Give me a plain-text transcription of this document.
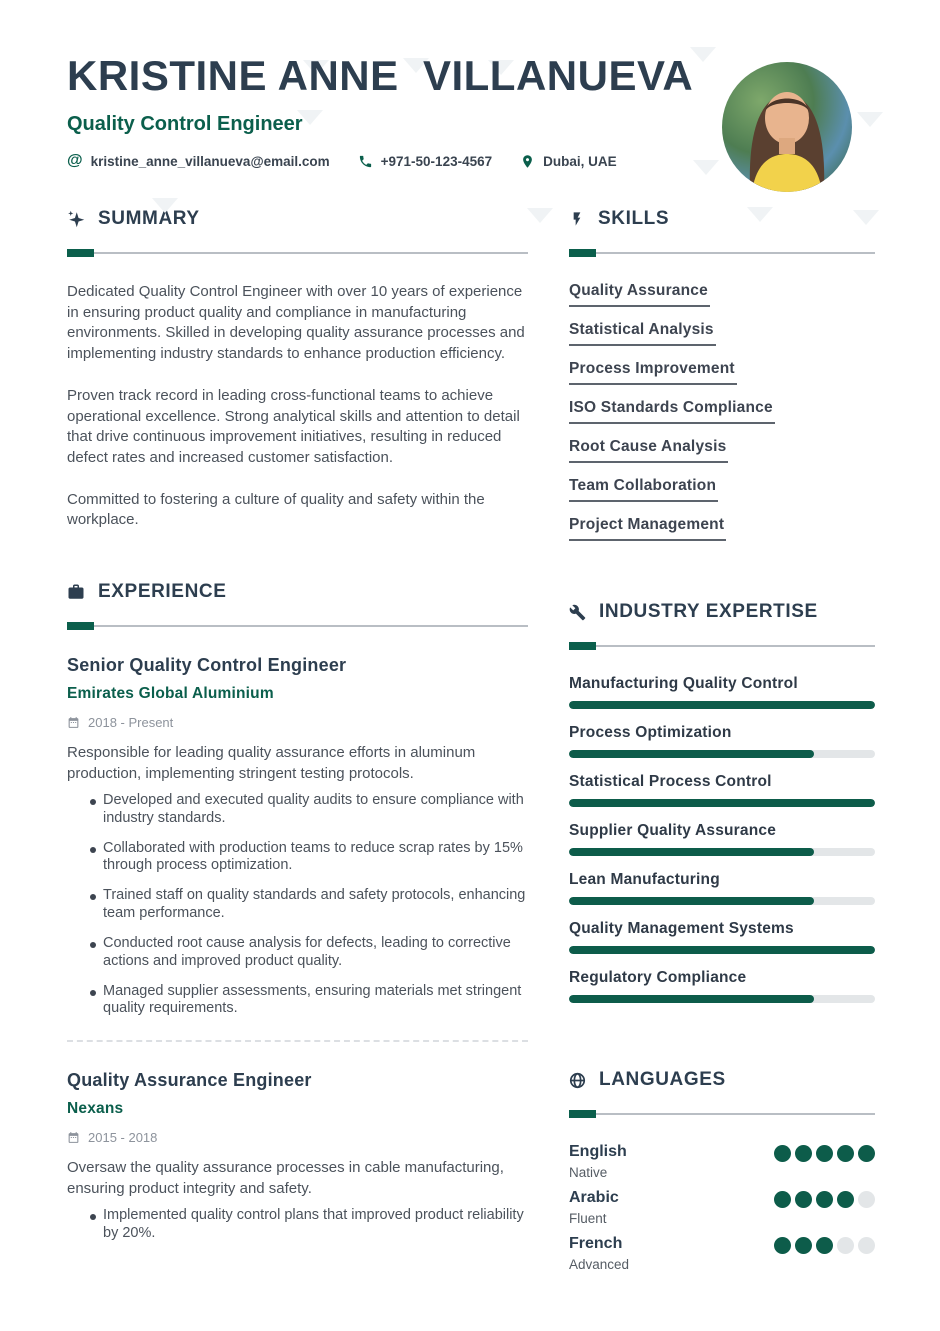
KRISTINE ANNE  VILLANUEVA
Quality Control Engineer
@ kristine_anne_villanueva@email.com	+971-50-123-4567	Dubai, UAE
SUMMARY

Dedicated Quality Control Engineer with over 10 years of experience in ensuring product quality and compliance in manufacturing environments. Skilled in developing quality assurance processes and implementing industry standards to enhance production efficiency.

Proven track record in leading cross-functional teams to achieve operational excellence. Strong analytical skills and attention to detail that drive continuous improvement initiatives, resulting in reduced defect rates and increased customer satisfaction.

Committed to fostering a culture of quality and safety within the workplace.

EXPERIENCE
Senior Quality Control Engineer
Emirates Global Aluminium
2018 - Present
Responsible for leading quality assurance efforts in aluminum production, implementing stringent testing protocols.
Developed and executed quality audits to ensure compliance with industry standards.
Collaborated with production teams to reduce scrap rates by 15% through process optimization.
Trained staff on quality standards and safety protocols, enhancing team performance.
Conducted root cause analysis for defects, leading to corrective actions and improved product quality.
Managed supplier assessments, ensuring materials met stringent quality requirements.
Quality Assurance Engineer
Nexans
2015 - 2018
Oversaw the quality assurance processes in cable manufacturing, ensuring product integrity and safety.
Implemented quality control plans that improved product reliability by 20%.
SKILLS
Quality Assurance
Statistical Analysis
Process Improvement
ISO Standards Compliance
Root Cause Analysis
Team Collaboration
Project Management
INDUSTRY EXPERTISE
Manufacturing Quality Control
Process Optimization
Statistical Process Control
Supplier Quality Assurance
Lean Manufacturing
Quality Management Systems
Regulatory Compliance
LANGUAGES
English
Native
Arabic
Fluent
French
Advanced
